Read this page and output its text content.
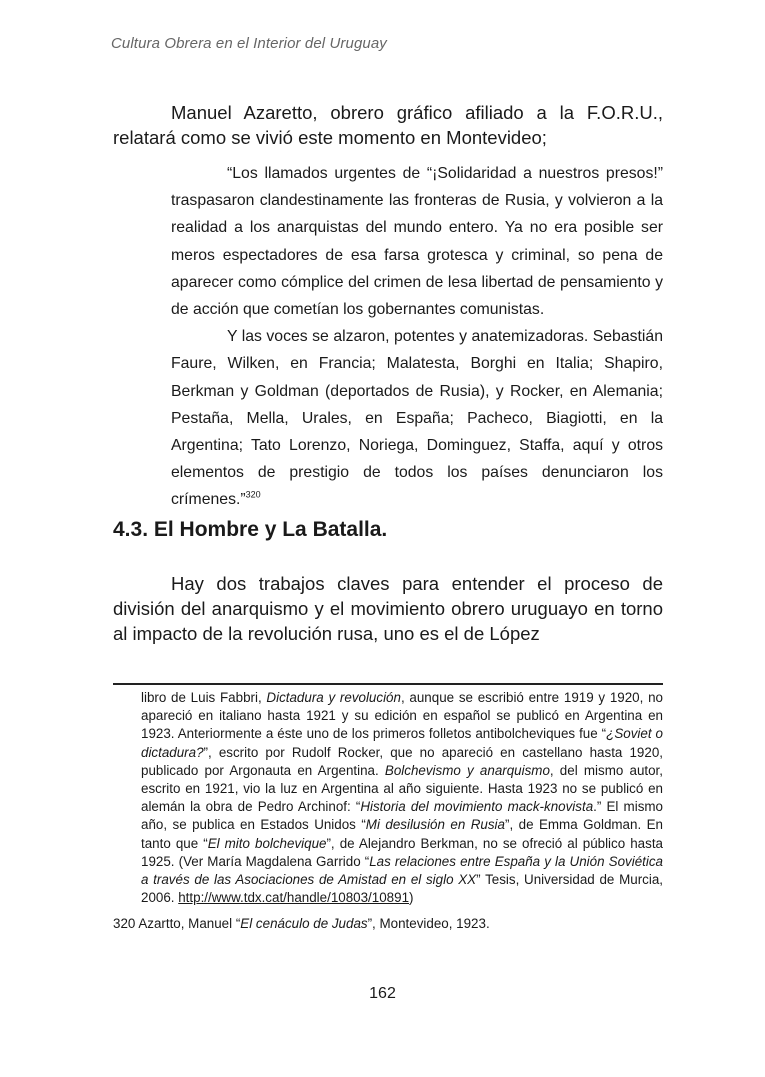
Cultura Obrera en el Interior del Uruguay
Manuel Azaretto, obrero gráfico afiliado a la F.O.R.U., relatará como se vivió este momento en Montevideo;

“Los llamados urgentes de “¡Solidaridad a nuestros presos!” traspasaron clandestinamente las fronteras de Rusia, y volvieron a la realidad a los anarquistas del mundo entero. Ya no era posible ser meros espectadores de esa farsa grotesca y criminal, so pena de aparecer como cómplice del crimen de lesa libertad de pensamiento y de acción que cometían los gobernantes comunistas.

Y las voces se alzaron, potentes y anatemizadoras. Sebastián Faure, Wilken, en Francia; Malatesta, Borghi en Italia; Shapiro, Berkman y Goldman (deportados de Rusia), y Rocker, en Alemania; Pestaña, Mella, Urales, en España; Pacheco, Biagiotti, en la Argentina; Tato Lorenzo, Noriega, Dominguez, Staffa, aquí y otros elementos de prestigio de todos los países denunciaron los crímenes.”$^{320}$

4.3. El Hombre y La Batalla.
Hay dos trabajos claves para entender el proceso de división del anarquismo y el movimiento obrero uruguayo en torno al impacto de la revolución rusa, uno es el de López

libro de Luis Fabbri, Dictadura y revolución, aunque se escribió entre 1919 y 1920, no apareció en italiano hasta 1921 y su edición en español se publicó en Argentina en 1923. Anteriormente a éste uno de los primeros folletos antibolcheviques fue “¿Soviet o dictadura?”, escrito por Rudolf Rocker, que no apareció en castellano hasta 1920, publicado por Argonauta en Argentina. Bolchevismo y anarquismo, del mismo autor, escrito en 1921, vio la luz en Argentina al año siguiente. Hasta 1923 no se publicó en alemán la obra de Pedro Archinof: “Historia del movimiento mack-knovista.” El mismo año, se publica en Estados Unidos “Mi desilusión en Rusia”, de Emma Goldman. En tanto que “El mito bolchevique”, de Alejandro Berkman, no se ofreció al público hasta 1925. (Ver María Magdalena Garrido “Las relaciones entre España y la Unión Soviética a través de las Asociaciones de Amistad en el siglo XX” Tesis, Universidad de Murcia, 2006. http://www.tdx.cat/handle/10803/10891)

320 Azartto, Manuel “El cenáculo de Judas”, Montevideo, 1923.

162
